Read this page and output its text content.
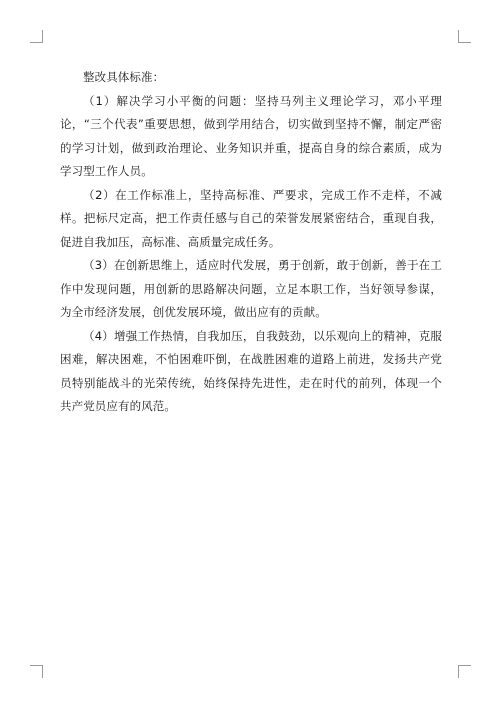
整改具体标准：

（1）解决学习小平衡的问题：坚持马列主义理论学习，邓小平理论，“三个代表”重要思想，做到学用结合，切实做到坚持不懈，制定严密的学习计划，做到政治理论、业务知识并重，提高自身的综合素质，成为学习型工作人员。

（2）在工作标准上，坚持高标准、严要求，完成工作不走样，不减样。把标尺定高，把工作责任感与自己的荣誉发展紧密结合，重现自我，促进自我加压，高标准、高质量完成任务。

（3）在创新思维上，适应时代发展，勇于创新，敢于创新，善于在工作中发现问题，用创新的思路解决问题，立足本职工作，当好领导参谋，为全市经济发展，创优发展环境，做出应有的贡献。

（4）增强工作热情，自我加压，自我鼓劲，以乐观向上的精神，克服困难，解决困难，不怕困难吓倒，在战胜困难的道路上前进，发扬共产党员特别能战斗的光荣传统，始终保持先进性，走在时代的前列，体现一个共产党员应有的风范。
